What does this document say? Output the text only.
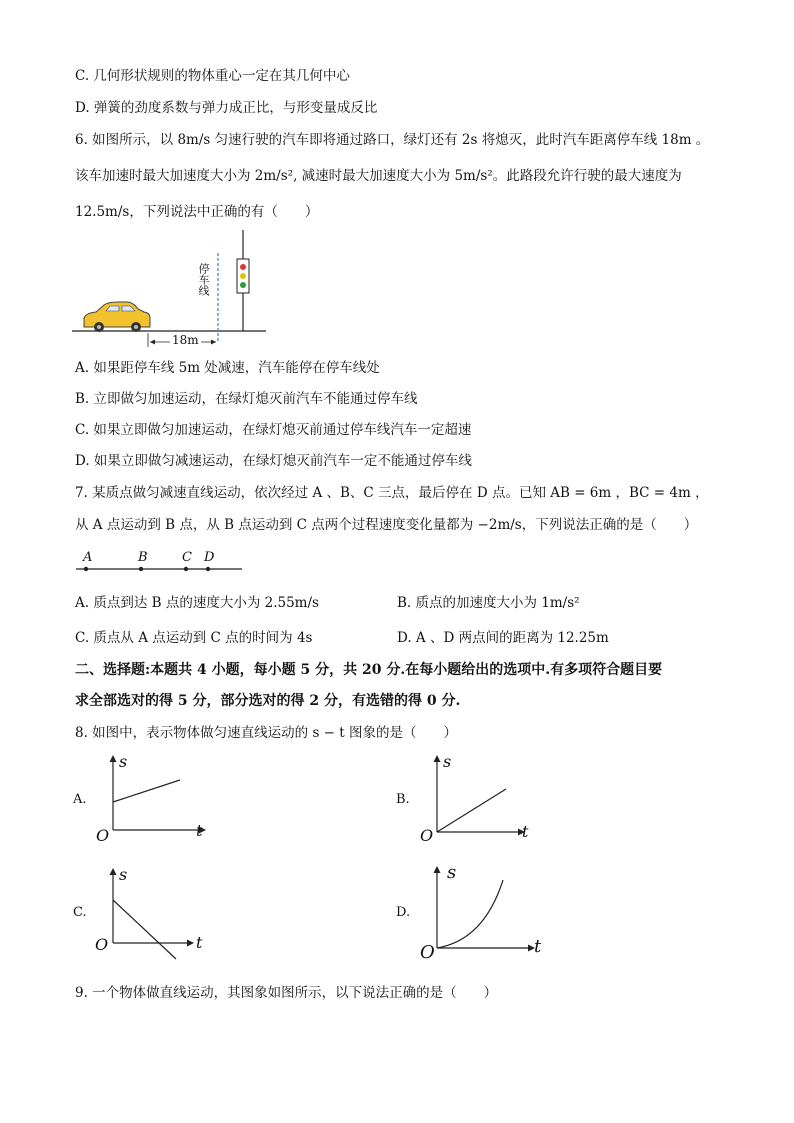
C. 几何形状规则的物体重心一定在其几何中心
D. 弹簧的劲度系数与弹力成正比，与形变量成反比
6. 如图所示，以 8m/s 匀速行驶的汽车即将通过路口，绿灯还有 2s 将熄灭，此时汽车距离停车线 18m 。
该车加速时最大加速度大小为 2m/s², 减速时最大加速度大小为 5m/s²。此路段允许行驶的最大速度为
12.5m/s，下列说法中正确的有（　　）
18m
停车线
A. 如果距停车线 5m 处减速，汽车能停在停车线处
B. 立即做匀加速运动，在绿灯熄灭前汽车不能通过停车线
C. 如果立即做匀加速运动，在绿灯熄灭前通过停车线汽车一定超速
D. 如果立即做匀减速运动，在绿灯熄灭前汽车一定不能通过停车线
7. 某质点做匀减速直线运动，依次经过 A 、B、C 三点，最后停在 D 点。已知 AB = 6m ，BC = 4m ，
从 A 点运动到 B 点，从 B 点运动到 C 点两个过程速度变化量都为 −2m/s，下列说法正确的是（　　）
A	B	C D
A. 质点到达 B 点的速度大小为 2.55m/s	B. 质点的加速度大小为 1m/s²
C. 质点从 A 点运动到 C 点的时间为 4s	D. A 、D 两点间的距离为 12.25m
二、选择题:本题共 4 小题，每小题 5 分，共 20 分.在每小题给出的选项中.有多项符合题目要
求全部选对的得 5 分，部分选对的得 2 分，有选错的得 0 分.
8. 如图中，表示物体做匀速直线运动的 s − t 图象的是（　　）
A.
s
t
O
B.
s
t
O
C.
s
t
O
D.
s
t
O
9. 一个物体做直线运动，其图象如图所示，以下说法正确的是（　　）
